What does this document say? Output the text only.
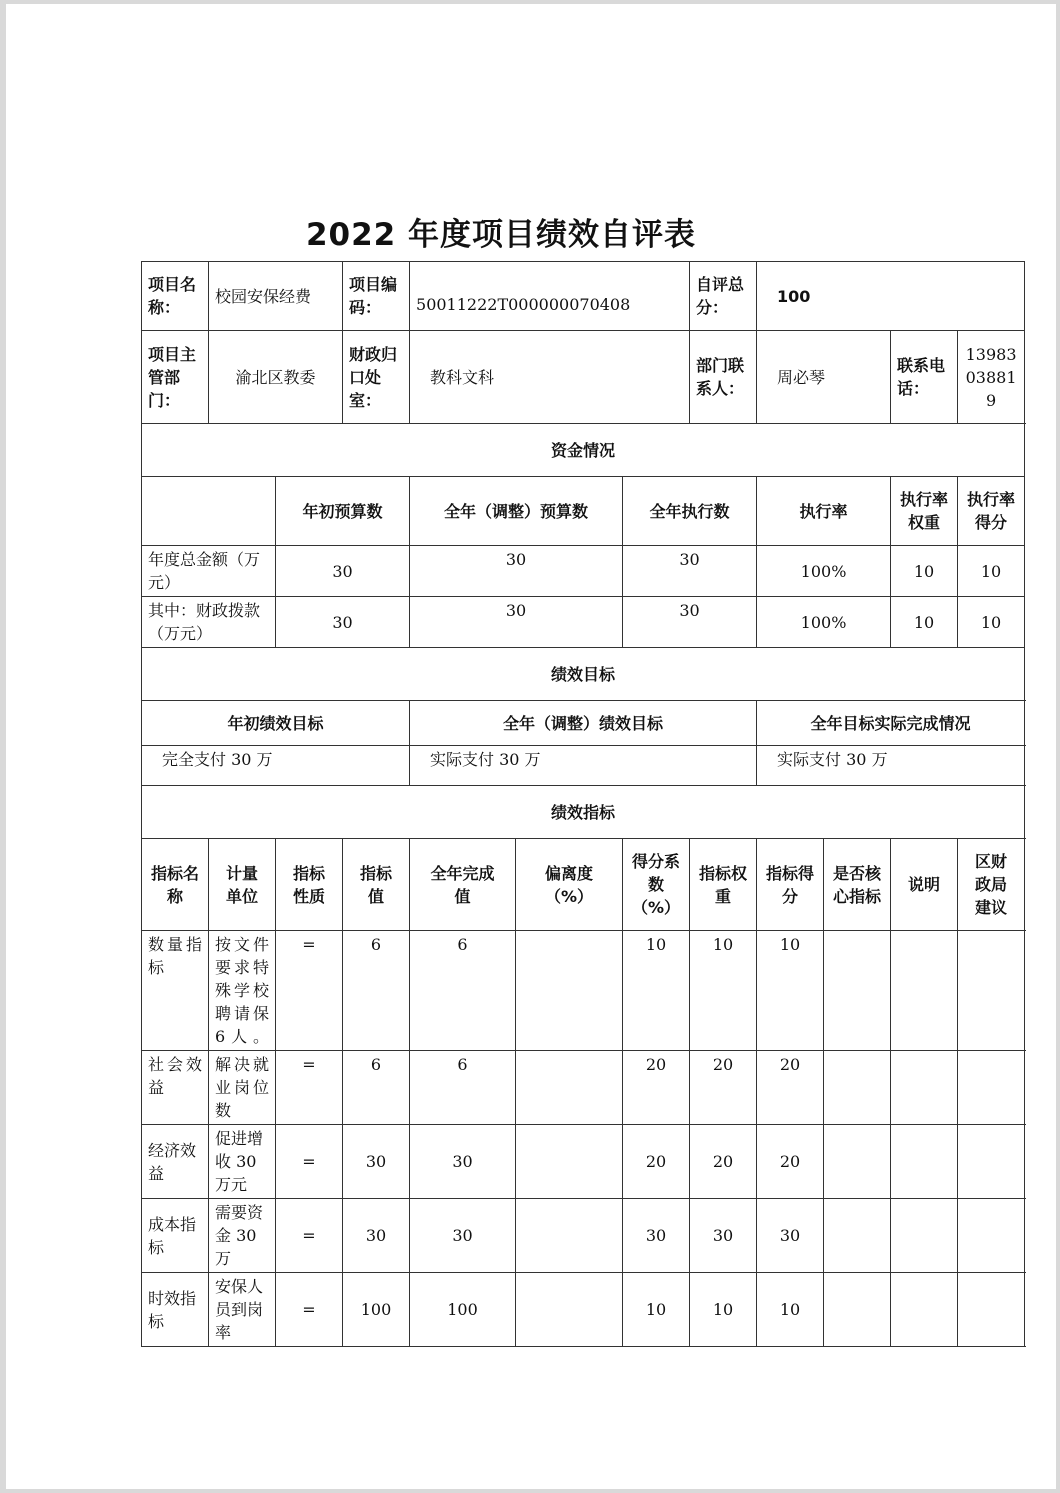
2022 年度项目绩效自评表
项目名称：	校园安保经费		项目编码：	50011222T000000070408			自评总分：	100			
项目主管部门：	渝北区教委		财政归口处室：	教科文科			部门联系人：	周必琴		联系电话：	13983038819
资金情况											
		年初预算数		全年（调整）预算数		全年执行数		执行率		执行率权重	执行率得分
年度总金额（万元）		30		30		30		100%		10	10
其中：财政拨款（万元）		30		30		30		100%		10	10
绩效目标											
年初绩效目标				全年（调整）绩效目标				全年目标实际完成情况			
完全支付 30 万				实际支付 30 万				实际支付 30 万			
绩效指标											
指标名称	计量单位	指标性质	指标值	全年完成值	偏离度（%）	得分系数（%）	指标权重	指标得分	是否核心指标	说明	区财政局建议
数量指标	按文件要求特殊学校聘请保6人。	=	6	6		10	10	10			
社会效益	解决就业岗位数	=	6	6		20	20	20			
经济效益	促进增收 30 万元	=	30	30		20	20	20			
成本指标	需要资金 30 万	=	30	30		30	30	30			
时效指标	安保人员到岗率	=	100	100		10	10	10			
